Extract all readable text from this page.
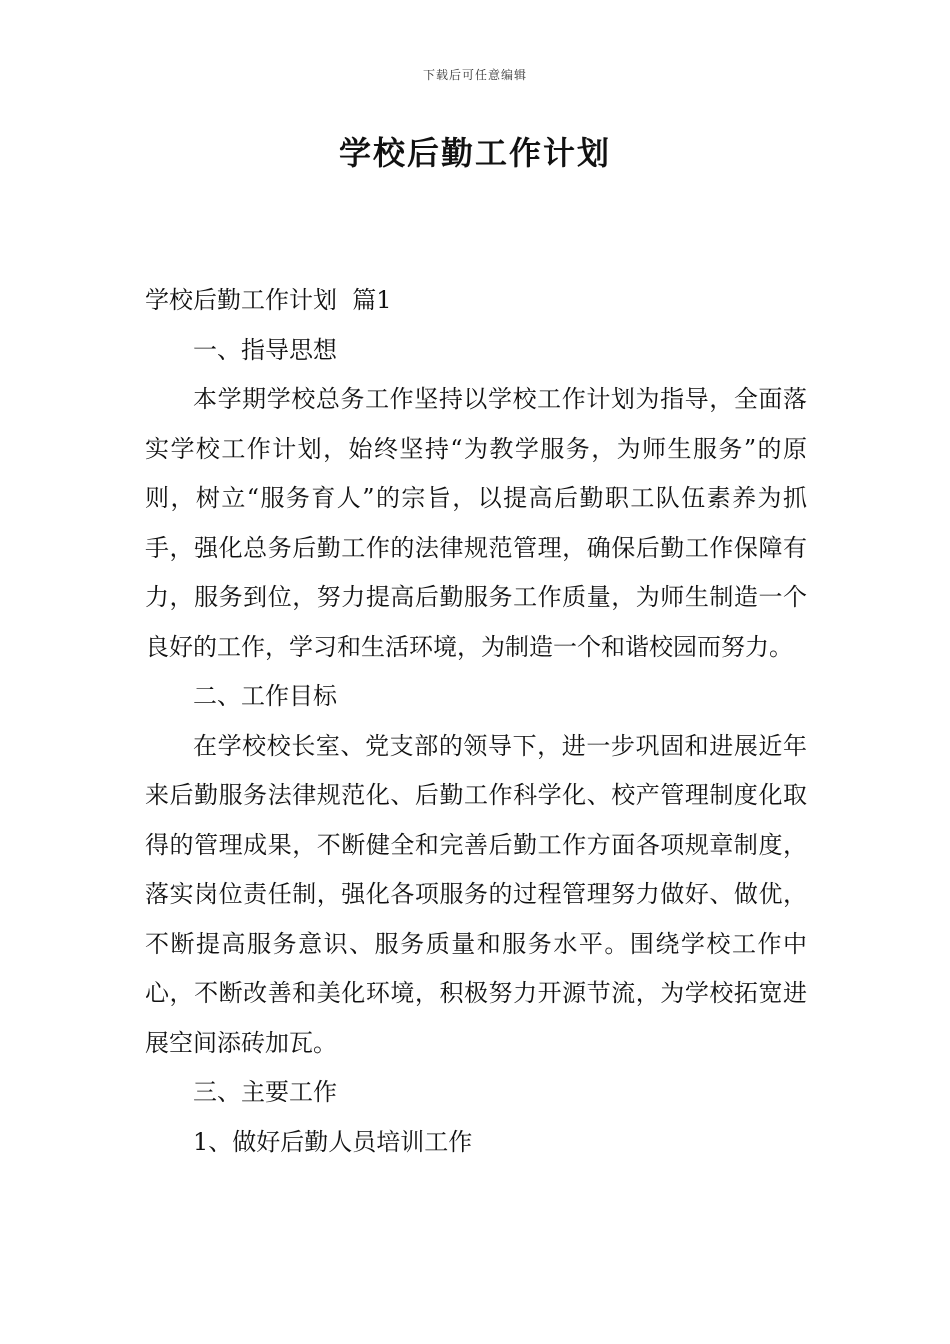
下载后可任意编辑
学校后勤工作计划

学校后勤工作计划  篇1

一、指导思想

本学期学校总务工作坚持以学校工作计划为指导，全面落实学校工作计划，始终坚持“为教学服务，为师生服务”的原则，树立“服务育人”的宗旨，以提高后勤职工队伍素养为抓手，强化总务后勤工作的法律规范管理，确保后勤工作保障有力，服务到位，努力提高后勤服务工作质量，为师生制造一个良好的工作，学习和生活环境，为制造一个和谐校园而努力。

二、工作目标

在学校校长室、党支部的领导下，进一步巩固和进展近年来后勤服务法律规范化、后勤工作科学化、校产管理制度化取得的管理成果，不断健全和完善后勤工作方面各项规章制度，落实岗位责任制，强化各项服务的过程管理努力做好、做优，不断提高服务意识、服务质量和服务水平。围绕学校工作中心，不断改善和美化环境，积极努力开源节流，为学校拓宽进展空间添砖加瓦。

三、主要工作

1、做好后勤人员培训工作
